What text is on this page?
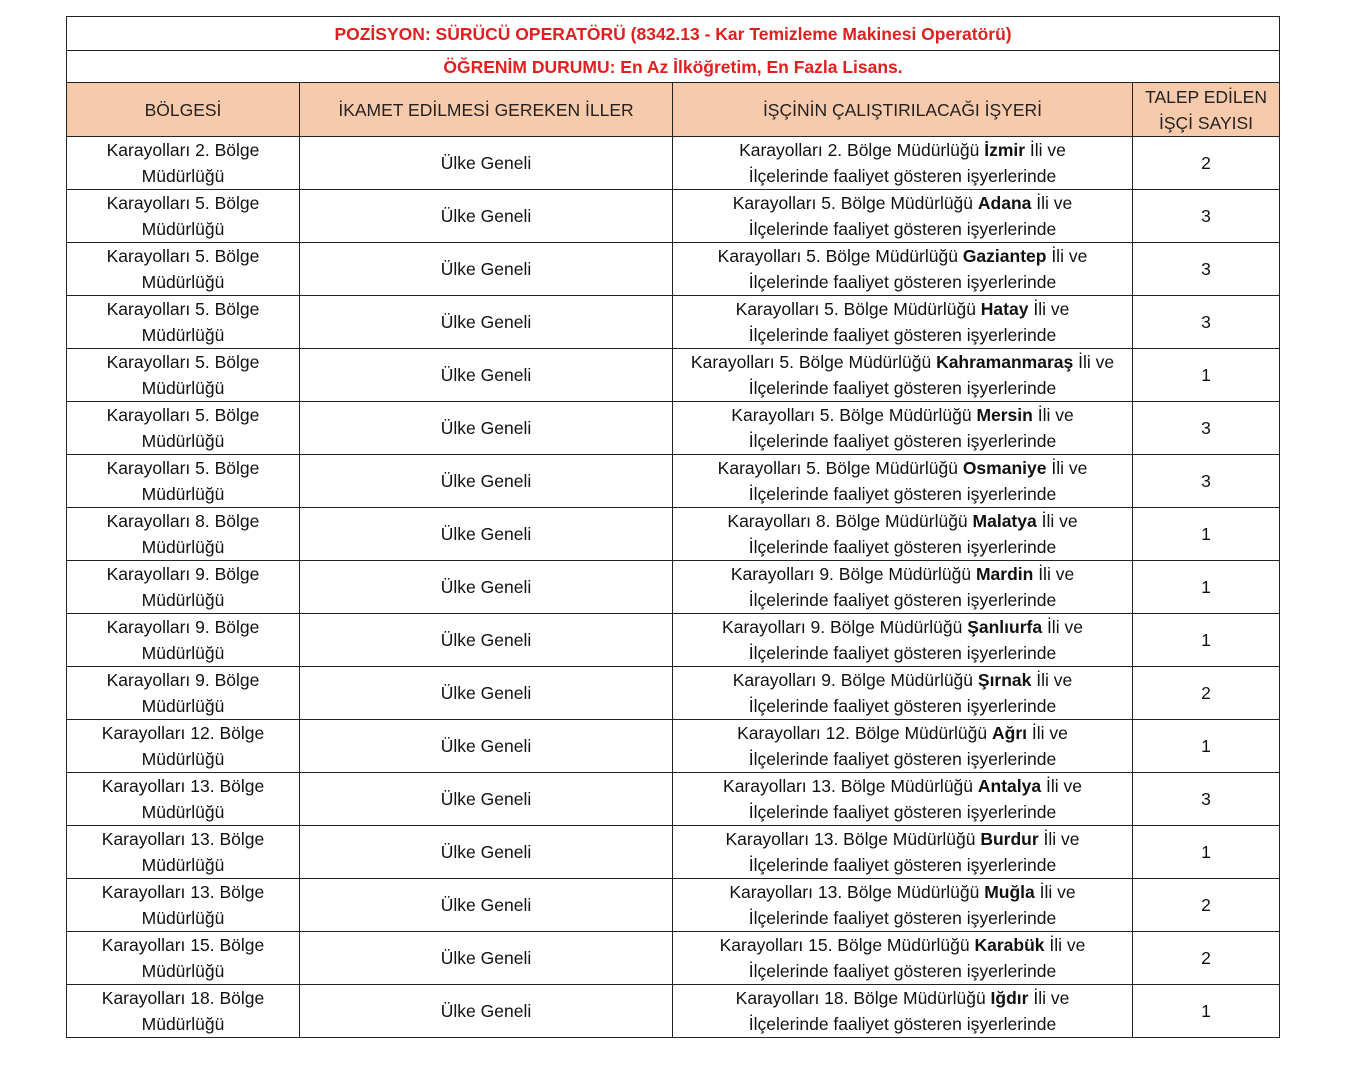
POZİSYON: SÜRÜCÜ OPERATÖRÜ (8342.13 - Kar Temizleme Makinesi Operatörü)			
ÖĞRENİM DURUMU: En Az İlköğretim, En Fazla Lisans.			
BÖLGESİ	İKAMET EDİLMESİ GEREKEN İLLER	İŞÇİNİN ÇALIŞTIRILACAĞI İŞYERİ	TALEP EDİLEN
İŞÇİ SAYISI
Karayolları 2. Bölge
Müdürlüğü	Ülke Geneli	Karayolları 2. Bölge Müdürlüğü İzmir İli ve
İlçelerinde faaliyet gösteren işyerlerinde	2
Karayolları 5. Bölge
Müdürlüğü	Ülke Geneli	Karayolları 5. Bölge Müdürlüğü Adana İli ve
İlçelerinde faaliyet gösteren işyerlerinde	3
Karayolları 5. Bölge
Müdürlüğü	Ülke Geneli	Karayolları 5. Bölge Müdürlüğü Gaziantep İli ve
İlçelerinde faaliyet gösteren işyerlerinde	3
Karayolları 5. Bölge
Müdürlüğü	Ülke Geneli	Karayolları 5. Bölge Müdürlüğü Hatay İli ve
İlçelerinde faaliyet gösteren işyerlerinde	3
Karayolları 5. Bölge
Müdürlüğü	Ülke Geneli	Karayolları 5. Bölge Müdürlüğü Kahramanmaraş İli ve
İlçelerinde faaliyet gösteren işyerlerinde	1
Karayolları 5. Bölge
Müdürlüğü	Ülke Geneli	Karayolları 5. Bölge Müdürlüğü Mersin İli ve
İlçelerinde faaliyet gösteren işyerlerinde	3
Karayolları 5. Bölge
Müdürlüğü	Ülke Geneli	Karayolları 5. Bölge Müdürlüğü Osmaniye İli ve
İlçelerinde faaliyet gösteren işyerlerinde	3
Karayolları 8. Bölge
Müdürlüğü	Ülke Geneli	Karayolları 8. Bölge Müdürlüğü Malatya İli ve
İlçelerinde faaliyet gösteren işyerlerinde	1
Karayolları 9. Bölge
Müdürlüğü	Ülke Geneli	Karayolları 9. Bölge Müdürlüğü Mardin İli ve
İlçelerinde faaliyet gösteren işyerlerinde	1
Karayolları 9. Bölge
Müdürlüğü	Ülke Geneli	Karayolları 9. Bölge Müdürlüğü Şanlıurfa İli ve
İlçelerinde faaliyet gösteren işyerlerinde	1
Karayolları 9. Bölge
Müdürlüğü	Ülke Geneli	Karayolları 9. Bölge Müdürlüğü Şırnak İli ve
İlçelerinde faaliyet gösteren işyerlerinde	2
Karayolları 12. Bölge
Müdürlüğü	Ülke Geneli	Karayolları 12. Bölge Müdürlüğü Ağrı İli ve
İlçelerinde faaliyet gösteren işyerlerinde	1
Karayolları 13. Bölge
Müdürlüğü	Ülke Geneli	Karayolları 13. Bölge Müdürlüğü Antalya İli ve
İlçelerinde faaliyet gösteren işyerlerinde	3
Karayolları 13. Bölge
Müdürlüğü	Ülke Geneli	Karayolları 13. Bölge Müdürlüğü Burdur İli ve
İlçelerinde faaliyet gösteren işyerlerinde	1
Karayolları 13. Bölge
Müdürlüğü	Ülke Geneli	Karayolları 13. Bölge Müdürlüğü Muğla İli ve
İlçelerinde faaliyet gösteren işyerlerinde	2
Karayolları 15. Bölge
Müdürlüğü	Ülke Geneli	Karayolları 15. Bölge Müdürlüğü Karabük İli ve
İlçelerinde faaliyet gösteren işyerlerinde	2
Karayolları 18. Bölge
Müdürlüğü	Ülke Geneli	Karayolları 18. Bölge Müdürlüğü Iğdır İli ve
İlçelerinde faaliyet gösteren işyerlerinde	1
